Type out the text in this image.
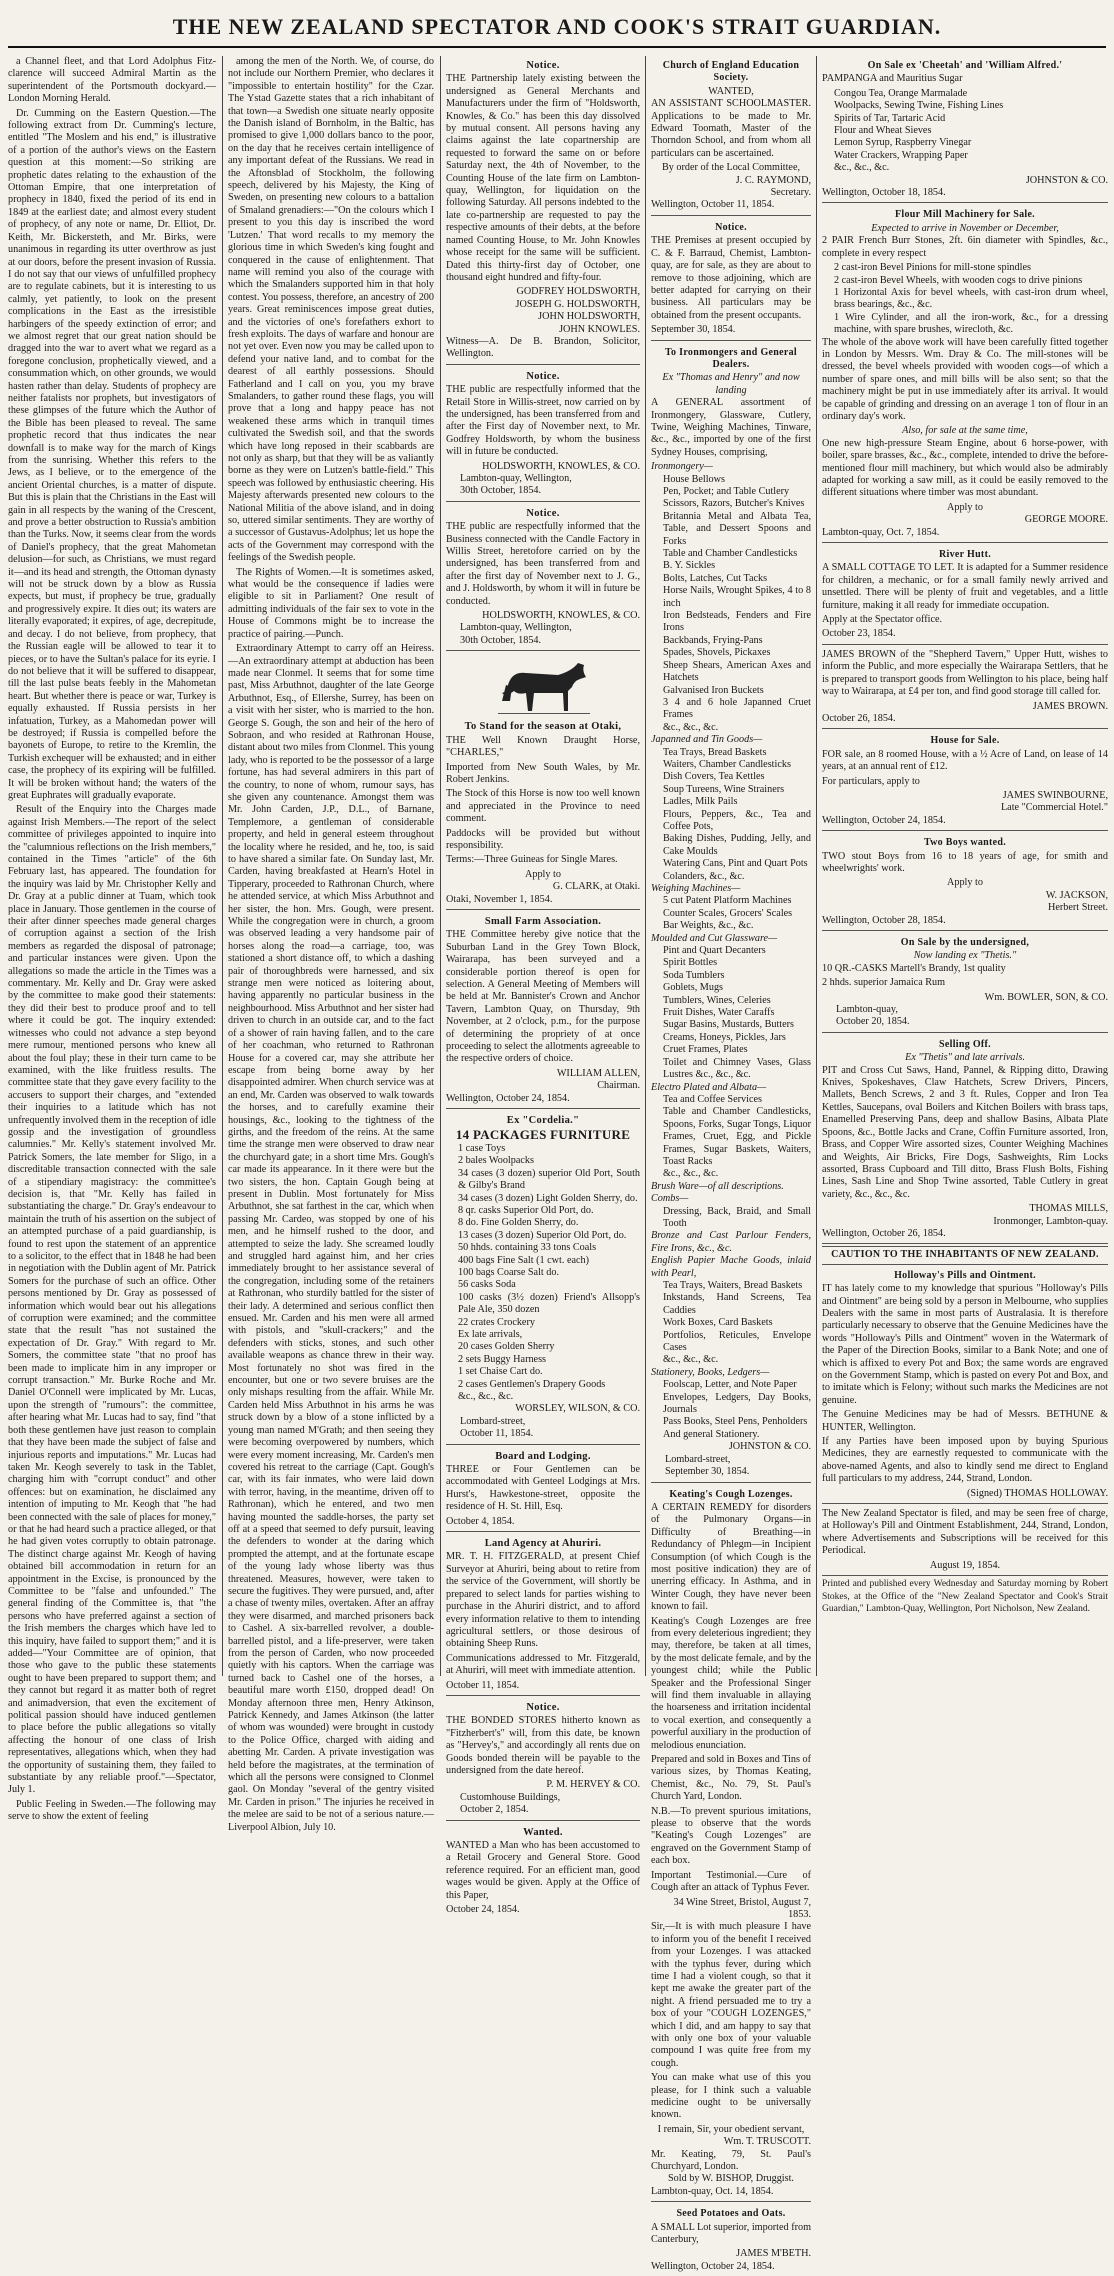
THE NEW ZEALAND SPECTATOR AND COOK'S STRAIT GUARDIAN.

a Channel fleet, and that Lord Adolphus Fitz-clarence will succeed Admiral Martin as the superintendent of the Portsmouth dockyard.—London Morning Herald.

Dr. Cumming on the Eastern Question.—The following extract from Dr. Cumming's lecture, entitled "The Moslem and his end," is illustrative of a portion of the author's views on the Eastern question at this moment:—So striking are prophetic dates relating to the exhaustion of the Ottoman Empire, that one interpretation of prophecy in 1840, fixed the period of its end in 1849 at the earliest date; and almost every student of prophecy, of any note or name, Dr. Elliot, Dr. Keith, Mr. Bickersteth, and Mr. Birks, were unanimous in regarding its utter overthrow as just at our doors, before the present invasion of Russia. I do not say that our views of unfulfilled prophecy are to regulate cabinets, but it is interesting to us calmly, yet patiently, to look on the present complications in the East as the irresistible harbingers of the speedy extinction of error; and we almost regret that our great nation should be dragged into the war to avert what we regard as a foregone conclusion, prophetically viewed, and a consummation which, on other grounds, we would hasten rather than delay. Students of prophecy are neither fatalists nor prophets, but investigators of these glimpses of the future which the Author of the Bible has been pleased to reveal. The same prophetic record that thus indicates the near downfall is to make way for the march of Kings from the sunrising. Whether this refers to the Jews, as I believe, or to the emergence of the ancient Oriental churches, is a matter of dispute. But this is plain that the Christians in the East will gain in all respects by the waning of the Crescent, and prove a better obstruction to Russia's ambition than the Turks. Now, it seems clear from the words of Daniel's prophecy, that the great Mahometan delusion—for such, as Christians, we must regard it—and its head and strength, the Ottoman dynasty will not be struck down by a blow as Russia expects, but must, if prophecy be true, gradually and progressively expire. It dies out; its waters are literally evaporated; it expires, of age, decrepitude, and decay. I do not believe, from prophecy, that the Russian eagle will be allowed to tear it to pieces, or to have the Sultan's palace for its eyrie. I do not believe that it will be suffered to disappear, till the last pulse beats feebly in the Mahometan heart. But whether there is peace or war, Turkey is equally exhausted. If Russia persists in her infatuation, Turkey, as a Mahomedan power will be destroyed; if Russia is compelled before the bayonets of Europe, to retire to the Kremlin, the Turkish exchequer will be exhausted; and in either case, the prophecy of its expiring will be fulfilled. It will be broken without hand; the waters of the great Euphrates will gradually evaporate.

Result of the Enquiry into the Charges made against Irish Members.—The report of the select committee of privileges appointed to inquire into the "calumnious reflections on the Irish members," contained in the Times "article" of the 6th February last, has appeared. The foundation for the inquiry was laid by Mr. Christopher Kelly and Dr. Gray at a public dinner at Tuam, which took place in January. Those gentlemen in the course of their after dinner speeches made general charges of corruption against a section of the Irish members as regarded the disposal of patronage; and particular instances were given. Upon the allegations so made the article in the Times was a commentary. Mr. Kelly and Dr. Gray were asked by the committee to make good their statements: they did their best to produce proof and to tell where it could be got. The inquiry extended: witnesses who could not advance a step beyond mere rumour, mentioned persons who knew all about the foul play; these in their turn came to be examined, with the like fruitless results. The committee state that they gave every facility to the accusers to support their charges, and "extended their inquiries to a latitude which has not unfrequently involved them in the reception of idle gossip and the investigation of groundless calumnies." Mr. Kelly's statement involved Mr. Patrick Somers, the late member for Sligo, in a discreditable transaction connected with the sale of a stipendiary magistracy: the committee's decision is, that "Mr. Kelly has failed in substantiating the charge." Dr. Gray's endeavour to maintain the truth of his assertion on the subject of an attempted purchase of a paid guardianship, is found to rest upon the statement of an apprentice to a solicitor, to the effect that in 1848 he had been in negotiation with the Dublin agent of Mr. Patrick Somers for the purchase of such an office. Other persons mentioned by Dr. Gray as possessed of information which would bear out his allegations of corruption were examined; and the committee state that the result "has not sustained the expectation of Dr. Gray." With regard to Mr. Somers, the committee state "that no proof has been made to implicate him in any improper or corrupt transaction." Mr. Burke Roche and Mr. Daniel O'Connell were implicated by Mr. Lucas, upon the strength of "rumours": the committee, after hearing what Mr. Lucas had to say, find "that both these gentlemen have just reason to complain that they have been made the subject of false and injurious reports and imputations." Mr. Lucas had taken Mr. Keogh severely to task in the Tablet, charging him with "corrupt conduct" and other offences: but on examination, he disclaimed any intention of imputing to Mr. Keogh that "he had been connected with the sale of places for money," or that he had heard such a practice alleged, or that he had given votes corruptly to obtain patronage. The distinct charge against Mr. Keogh of having obtained bill accommodation in return for an appointment in the Excise, is pronounced by the Committee to be "false and unfounded." The general finding of the Committee is, that "the persons who have preferred against a section of the Irish members the charges which have led to this inquiry, have failed to support them;" and it is added—"Your Committee are of opinion, that those who gave to the public these statements ought to have been prepared to support them; and they cannot but regard it as matter both of regret and animadversion, that even the excitement of political passion should have induced gentlemen to place before the public allegations so vitally affecting the honour of one class of Irish representatives, allegations which, when they had the opportunity of sustaining them, they failed to substantiate by any reliable proof."—Spectator, July 1.

Public Feeling in Sweden.—The following may serve to show the extent of feeling

among the men of the North. We, of course, do not include our Northern Premier, who declares it "impossible to entertain hostility" for the Czar. The Ystad Gazette states that a rich inhabitant of that town—a Swedish one situate nearly opposite the Danish island of Bornholm, in the Baltic, has promised to give 1,000 dollars banco to the poor, on the day that he receives certain intelligence of any important defeat of the Russians. We read in the Aftonsblad of Stockholm, the following speech, delivered by his Majesty, the King of Sweden, on presenting new colours to a battalion of Smaland grenadiers:—"On the colours which I present to you this day is inscribed the word 'Lutzen.' That word recalls to my memory the glorious time in which Sweden's king fought and conquered in the cause of enlightenment. That name will remind you also of the courage with which the Smalanders supported him in that holy contest. You possess, therefore, an ancestry of 200 years. Great reminiscences impose great duties, and the victories of one's forefathers exhort to fresh exploits. The days of warfare and honour are not yet over. Even now you may be called upon to defend your native land, and to combat for the dearest of all earthly possessions. Should Fatherland and I call on you, you my brave Smalanders, to gather round these flags, you will prove that a long and happy peace has not weakened these arms which in tranquil times cultivated the Swedish soil, and that the swords which have long reposed in their scabbards are not only as sharp, but that they will be as valiantly borne as they were on Lutzen's battle-field." This speech was followed by enthusiastic cheering. His Majesty afterwards presented new colours to the National Militia of the above island, and in doing so, uttered similar sentiments. They are worthy of a successor of Gustavus-Adolphus; let us hope the acts of the Government may correspond with the feelings of the Swedish people.

The Rights of Women.—It is sometimes asked, what would be the consequence if ladies were eligible to sit in Parliament? One result of admitting individuals of the fair sex to vote in the House of Commons might be to increase the practice of pairing.—Punch.

Extraordinary Attempt to carry off an Heiress.—An extraordinary attempt at abduction has been made near Clonmel. It seems that for some time past, Miss Arbuthnot, daughter of the late George Arbuthnot, Esq., of Ellershe, Surrey, has been on a visit with her sister, who is married to the hon. George S. Gough, the son and heir of the hero of Sobraon, and who resided at Rathronan House, distant about two miles from Clonmel. This young lady, who is reported to be the possessor of a large fortune, has had several admirers in this part of the country, to none of whom, rumour says, has she given any countenance. Amongst them was Mr. John Carden, J.P., D.L., of Barnane, Templemore, a gentleman of considerable property, and held in general esteem throughout the locality where he resided, and he, too, is said to have shared a similar fate. On Sunday last, Mr. Carden, having breakfasted at Hearn's Hotel in Tipperary, proceeded to Rathronan Church, where he attended service, at which Miss Arbuthnot and her sister, the hon. Mrs. Gough, were present. While the congregation were in church, a groom was observed leading a very handsome pair of horses along the road—a carriage, too, was stationed a short distance off, to which a dashing pair of thoroughbreds were harnessed, and six strange men were noticed as loitering about, having apparently no particular business in the neighbourhood. Miss Arbuthnot and her sister had driven to church in an outside car, and to the fact of a shower of rain having fallen, and to the care of her coachman, who returned to Rathronan House for a covered car, may she attribute her escape from being borne away by her disappointed admirer. When church service was at an end, Mr. Carden was observed to walk towards the horses, and to carefully examine their housings, &c., looking to the tightness of the girths, and the freedom of the reins. At the same time the strange men were observed to draw near the churchyard gate; in a short time Mrs. Gough's car made its appearance. In it there were but the two sisters, the hon. Captain Gough being at present in Dublin. Most fortunately for Miss Arbuthnot, she sat farthest in the car, which when passing Mr. Cardeo, was stopped by one of his men, and he himself rushed to the door, and attempted to seize the lady. She screamed loudly and struggled hard against him, and her cries immediately brought to her assistance several of the congregation, including some of the retainers at Rathronan, who sturdily battled for the sister of their lady. A determined and serious conflict then ensued. Mr. Carden and his men were all armed with pistols, and "skull-crackers;" and the defenders with sticks, stones, and such other available weapons as chance threw in their way. Most fortunately no shot was fired in the encounter, but one or two severe bruises are the only mishaps resulting from the affair. While Mr. Carden held Miss Arbuthnot in his arms he was struck down by a blow of a stone inflicted by a young man named M'Grath; and then seeing they were becoming overpowered by numbers, which were every moment increasing, Mr. Carden's men covered his retreat to the carriage (Capt. Gough's car, with its fair inmates, who were laid down with terror, having, in the meantime, driven off to Rathronan), which he entered, and two men having mounted the saddle-horses, the party set off at a speed that seemed to defy pursuit, leaving the defenders to wonder at the daring which prompted the attempt, and at the fortunate escape of the young lady whose liberty was thus threatened. Measures, however, were taken to secure the fugitives. They were pursued, and, after a chase of twenty miles, overtaken. After an affray they were disarmed, and marched prisoners back to Cashel. A six-barrelled revolver, a double-barrelled pistol, and a life-preserver, were taken from the person of Carden, who now proceeded quietly with his captors. When the carriage was turned back to Cashel one of the horses, a beautiful mare worth £150, dropped dead! On Monday afternoon three men, Henry Atkinson, Patrick Kennedy, and James Atkinson (the latter of whom was wounded) were brought in custody to the Police Office, charged with aiding and abetting Mr. Carden. A private investigation was held before the magistrates, at the termination of which all the persons were consigned to Clonmel gaol. On Monday "several of the gentry visited Mr. Carden in prison." The injuries he received in the melee are said to be not of a serious nature.—Liverpool Albion, July 10.

Notice.

THE Partnership lately existing between the undersigned as General Merchants and Manufacturers under the firm of "Holdsworth, Knowles, & Co." has been this day dissolved by mutual consent. All persons having any claims against the late copartnership are requested to forward the same on or before Saturday next, the 4th of November, to the Counting House of the late firm on Lambton-quay, Wellington, for liquidation on the following Saturday. All persons indebted to the late co-partnership are requested to pay the respective amounts of their debts, at the before named Counting House, to Mr. John Knowles whose receipt for the same will be sufficient. Dated this thirty-first day of October, one thousand eight hundred and fifty-four.

GODFREY HOLDSWORTH,
JOSEPH G. HOLDSWORTH,
JOHN HOLDSWORTH,
JOHN KNOWLES.
Witness—A. De B. Brandon, Solicitor, Wellington.
Notice.

THE public are respectfully informed that the Retail Store in Willis-street, now carried on by the undersigned, has been transferred from and after the First day of November next, to Mr. Godfrey Holdsworth, by whom the business will in future be conducted.

HOLDSWORTH, KNOWLES, & CO.
Lambton-quay, Wellington,
30th October, 1854.
Notice.

THE public are respectfully informed that the Business connected with the Candle Factory in Willis Street, heretofore carried on by the undersigned, has been transferred from and after the first day of November next to J. G., and J. Holdsworth, by whom it will in future be conducted.

HOLDSWORTH, KNOWLES, & CO.
Lambton-quay, Wellington,
30th October, 1854.
To Stand for the season at Otaki,

THE Well Known Draught Horse, "CHARLES,"

Imported from New South Wales, by Mr. Robert Jenkins.

The Stock of this Horse is now too well known and appreciated in the Province to need comment.

Paddocks will be provided but without responsibility.

Terms:—Three Guineas for Single Mares.

Apply to
G. CLARK, at Otaki.
Otaki, November 1, 1854.
Small Farm Association.

THE Committee hereby give notice that the Suburban Land in the Grey Town Block, Wairarapa, has been surveyed and a considerable portion thereof is open for selection. A General Meeting of Members will be held at Mr. Bannister's Crown and Anchor Tavern, Lambton Quay, on Thursday, 9th November, at 2 o'clock, p.m., for the purpose of determining the propriety of at once proceeding to select the allotments agreeable to the respective orders of choice.

WILLIAM ALLEN,
Chairman.
Wellington, October 24, 1854.
Ex "Cordelia."
14 PACKAGES FURNITURE
1 case Toys
2 bales Woolpacks
34 cases (3 dozen) superior Old Port, South & Gilby's Brand
34 cases (3 dozen) Light Golden Sherry, do.
8 qr. casks Superior Old Port, do.
8 do. Fine Golden Sherry, do.
13 cases (3 dozen) Superior Old Port, do.
50 hhds. containing 33 tons Coals
400 bags Fine Salt (1 cwt. each)
100 bags Coarse Salt do.
56 casks Soda
100 casks (3½ dozen) Friend's Allsopp's Pale Ale, 350 dozen
22 crates Crockery
Ex late arrivals,
20 cases Golden Sherry
2 sets Buggy Harness
1 set Chaise Cart do.
2 cases Gentlemen's Drapery Goods
&c., &c., &c.
WORSLEY, WILSON, & CO.
Lombard-street,
October 11, 1854.
Board and Lodging.

THREE or Four Gentlemen can be accommodated with Genteel Lodgings at Mrs. Hurst's, Hawkestone-street, opposite the residence of H. St. Hill, Esq.

October 4, 1854.
Land Agency at Ahuriri.

MR. T. H. FITZGERALD, at present Chief Surveyor at Ahuriri, being about to retire from the service of the Government, will shortly be prepared to select lands for parties wishing to purchase in the Ahuriri district, and to afford every information relative to them to intending agricultural settlers, or those desirous of obtaining Sheep Runs.

Communications addressed to Mr. Fitzgerald, at Ahuriri, will meet with immediate attention.

October 11, 1854.
Notice.

THE BONDED STORES hitherto known as "Fitzherbert's" will, from this date, be known as "Hervey's," and accordingly all rents due on Goods bonded therein will be payable to the undersigned from the date hereof.

P. M. HERVEY & CO.
Customhouse Buildings,
October 2, 1854.
Wanted.

WANTED a Man who has been accustomed to a Retail Grocery and General Store. Good reference required. For an efficient man, good wages would be given. Apply at the Office of this Paper,

October 24, 1854.
Church of England Education Society.
WANTED,

AN ASSISTANT SCHOOLMASTER. Applications to be made to Mr. Edward Toomath, Master of the Thorndon School, and from whom all particulars can be ascertained.

By order of the Local Committee,
J. C. RAYMOND,
Secretary.
Wellington, October 11, 1854.
Notice.

THE Premises at present occupied by C. & F. Barraud, Chemist, Lambton-quay, are for sale, as they are about to remove to those adjoining, which are better adapted for carrying on their business. All particulars may be obtained from the present occupants.

September 30, 1854.
To Ironmongers and General Dealers.
Ex "Thomas and Henry" and now landing

A GENERAL assortment of Ironmongery, Glassware, Cutlery, Twine, Weighing Machines, Tinware, &c., &c., imported by one of the first Sydney Houses, comprising,

Ironmongery—
House Bellows
Pen, Pocket; and Table Cutlery
Scissors, Razors, Butcher's Knives
Britannia Metal and Albata Tea, Table, and Dessert Spoons and Forks
Table and Chamber Candlesticks
B. Y. Sickles
Bolts, Latches, Cut Tacks
Horse Nails, Wrought Spikes, 4 to 8 inch
Iron Bedsteads, Fenders and Fire Irons
Backbands, Frying-Pans
Spades, Shovels, Pickaxes
Sheep Shears, American Axes and Hatchets
Galvanised Iron Buckets
3 4 and 6 hole Japanned Cruet Frames
&c., &c., &c.
Japanned and Tin Goods—
Tea Trays, Bread Baskets
Waiters, Chamber Candlesticks
Dish Covers, Tea Kettles
Soup Tureens, Wine Strainers
Ladles, Milk Pails
Flours, Peppers, &c., Tea and Coffee Pots,
Baking Dishes, Pudding, Jelly, and Cake Moulds
Watering Cans, Pint and Quart Pots
Colanders, &c., &c.
Weighing Machines—
5 cut Patent Platform Machines
Counter Scales, Grocers' Scales
Bar Weights, &c., &c.
Moulded and Cut Glassware—
Pint and Quart Decanters
Spirit Bottles
Soda Tumblers
Goblets, Mugs
Tumblers, Wines, Celeries
Fruit Dishes, Water Caraffs
Sugar Basins, Mustards, Butters
Creams, Honeys, Pickles, Jars
Cruet Frames, Plates
Toilet and Chimney Vases, Glass Lustres &c., &c., &c.
Electro Plated and Albata—
Tea and Coffee Services
Table and Chamber Candlesticks, Spoons, Forks, Sugar Tongs, Liquor Frames, Cruet, Egg, and Pickle Frames, Sugar Baskets, Waiters, Toast Racks
&c., &c., &c.
Brush Ware—of all descriptions.
Combs—
Dressing, Back, Braid, and Small Tooth
Bronze and Cast Parlour Fenders, Fire Irons, &c., &c.
English Papier Mache Goods, inlaid with Pearl,
Tea Trays, Waiters, Bread Baskets
Inkstands, Hand Screens, Tea Caddies
Work Boxes, Card Baskets
Portfolios, Reticules, Envelope Cases
&c., &c., &c.
Stationery, Books, Ledgers—
Foolscap, Letter, and Note Paper
Envelopes, Ledgers, Day Books, Journals
Pass Books, Steel Pens, Penholders
And general Stationery.
JOHNSTON & CO.
Lombard-street,
September 30, 1854.
Keating's Cough Lozenges.

A CERTAIN REMEDY for disorders of the Pulmonary Organs—in Difficulty of Breathing—in Redundancy of Phlegm—in Incipient Consumption (of which Cough is the most positive indication) they are of unerring efficacy. In Asthma, and in Winter Cough, they have never been known to fail.

Keating's Cough Lozenges are free from every deleterious ingredient; they may, therefore, be taken at all times, by the most delicate female, and by the youngest child; while the Public Speaker and the Professional Singer will find them invaluable in allaying the hoarseness and irritation incidental to vocal exertion, and consequently a powerful auxiliary in the production of melodious enunciation.

Prepared and sold in Boxes and Tins of various sizes, by Thomas Keating, Chemist, &c., No. 79, St. Paul's Church Yard, London.

N.B.—To prevent spurious imitations, please to observe that the words "Keating's Cough Lozenges" are engraved on the Government Stamp of each box.

Important Testimonial.—Cure of Cough after an attack of Typhus Fever.

34 Wine Street, Bristol, August 7, 1853.

Sir,—It is with much pleasure I have to inform you of the benefit I received from your Lozenges. I was attacked with the typhus fever, during which time I had a violent cough, so that it kept me awake the greater part of the night. A friend persuaded me to try a box of your "COUGH LOZENGES," which I did, and am happy to say that with only one box of your valuable compound I was quite free from my cough.

You can make what use of this you please, for I think such a valuable medicine ought to be universally known.

I remain, Sir, your obedient servant,
Wm. T. TRUSCOTT.
Mr. Keating, 79, St. Paul's Churchyard, London.
Sold by W. BISHOP, Druggist.
Lambton-quay, Oct. 14, 1854.
Seed Potatoes and Oats.

A SMALL Lot superior, imported from Canterbury,

JAMES M'BETH.
Wellington, October 24, 1854.
On Sale ex 'Cheetah' and 'William Alfred.'

PAMPANGA and Mauritius Sugar

Congou Tea, Orange Marmalade
Woolpacks, Sewing Twine, Fishing Lines
Spirits of Tar, Tartaric Acid
Flour and Wheat Sieves
Lemon Syrup, Raspberry Vinegar
Water Crackers, Wrapping Paper
&c., &c., &c.
JOHNSTON & CO.
Wellington, October 18, 1854.
Flour Mill Machinery for Sale.
Expected to arrive in November or December,

2 PAIR French Burr Stones, 2ft. 6in diameter with Spindles, &c., complete in every respect

2 cast-iron Bevel Pinions for mill-stone spindles
2 cast-iron Bevel Wheels, with wooden cogs to drive pinions
1 Horizontal Axis for bevel wheels, with cast-iron drum wheel, brass bearings, &c., &c.
1 Wire Cylinder, and all the iron-work, &c., for a dressing machine, with spare brushes, wirecloth, &c.

The whole of the above work will have been carefully fitted together in London by Messrs. Wm. Dray & Co. The mill-stones will be dressed, the bevel wheels provided with wooden cogs—of which a number of spare ones, and mill bills will be also sent; so that the machinery might be put in use immediately after its arrival. It would be capable of grinding and dressing on an average 1 ton of flour in an ordinary day's work.

Also, for sale at the same time,

One new high-pressure Steam Engine, about 6 horse-power, with boiler, spare brasses, &c., &c., complete, intended to drive the before-mentioned flour mill machinery, but which would also be admirably adapted for working a saw mill, as it could be easily removed to the different situations where timber was most abundant.

Apply to
GEORGE MOORE.
Lambton-quay, Oct. 7, 1854.
River Hutt.

A SMALL COTTAGE TO LET. It is adapted for a Summer residence for children, a mechanic, or for a small family newly arrived and unsettled. There will be plenty of fruit and vegetables, and a little furniture, making it all ready for immediate occupation.

Apply at the Spectator office.

October 23, 1854.

JAMES BROWN of the "Shepherd Tavern," Upper Hutt, wishes to inform the Public, and more especially the Wairarapa Settlers, that he is prepared to transport goods from Wellington to his place, being half way to Wairarapa, at £4 per ton, and find good storage till called for.

JAMES BROWN.
October 26, 1854.
House for Sale.

FOR sale, an 8 roomed House, with a ½ Acre of Land, on lease of 14 years, at an annual rent of £12.

For particulars, apply to

JAMES SWINBOURNE,
Late "Commercial Hotel."
Wellington, October 24, 1854.
Two Boys wanted.

TWO stout Boys from 16 to 18 years of age, for smith and wheelwrights' work.

Apply to
W. JACKSON,
Herbert Street.
Wellington, October 28, 1854.
On Sale by the undersigned,
Now landing ex "Thetis."

10 QR.-CASKS Martell's Brandy, 1st quality

2 hhds. superior Jamaica Rum

Wm. BOWLER, SON, & CO.
Lambton-quay,
October 20, 1854.
Selling Off.
Ex "Thetis" and late arrivals.

PIT and Cross Cut Saws, Hand, Pannel, & Ripping ditto, Drawing Knives, Spokeshaves, Claw Hatchets, Screw Drivers, Pincers, Mallets, Bench Screws, 2 and 3 ft. Rules, Copper and Iron Tea Kettles, Saucepans, oval Boilers and Kitchen Boilers with brass taps, Enamelled Preserving Pans, deep and shallow Basins, Albata Plate Spoons, &c., Bottle Jacks and Crane, Coffin Furniture assorted, Iron, Brass, and Copper Wire assorted sizes, Counter Weighing Machines and Weights, Air Bricks, Fire Dogs, Sashweights, Rim Locks assorted, Brass Cupboard and Till ditto, Brass Flush Bolts, Fishing Lines, Sash Line and Shop Twine assorted, Table Cutlery in great variety, &c., &c., &c.

THOMAS MILLS,
Ironmonger, Lambton-quay.
Wellington, October 26, 1854.
CAUTION TO THE INHABITANTS OF NEW ZEALAND.
Holloway's Pills and Ointment.

IT has lately come to my knowledge that spurious "Holloway's Pills and Ointment" are being sold by a person in Melbourne, who supplies Dealers with the same in most parts of Australasia. It is therefore particularly necessary to observe that the Genuine Medicines have the words "Holloway's Pills and Ointment" woven in the Watermark of the Paper of the Direction Books, similar to a Bank Note; and one of which is affixed to every Pot and Box; the same words are engraved on the Government Stamp, which is pasted on every Pot and Box, and to imitate which is Felony; without such marks the Medicines are not genuine.

The Genuine Medicines may be had of Messrs. BETHUNE & HUNTER, Wellington.

If any Parties have been imposed upon by buying Spurious Medicines, they are earnestly requested to communicate with the above-named Agents, and also to kindly send me direct to England full particulars to my address, 244, Strand, London.

(Signed) THOMAS HOLLOWAY.

The New Zealand Spectator is filed, and may be seen free of charge, at Holloway's Pill and Ointment Establishment, 244, Strand, London, where Advertisements and Subscriptions will be received for this Periodical.

August 19, 1854.

Printed and published every Wednesday and Saturday morning by Robert Stokes, at the Office of the "New Zealand Spectator and Cook's Strait Guardian," Lambton-Quay, Wellington, Port Nicholson, New Zealand.
